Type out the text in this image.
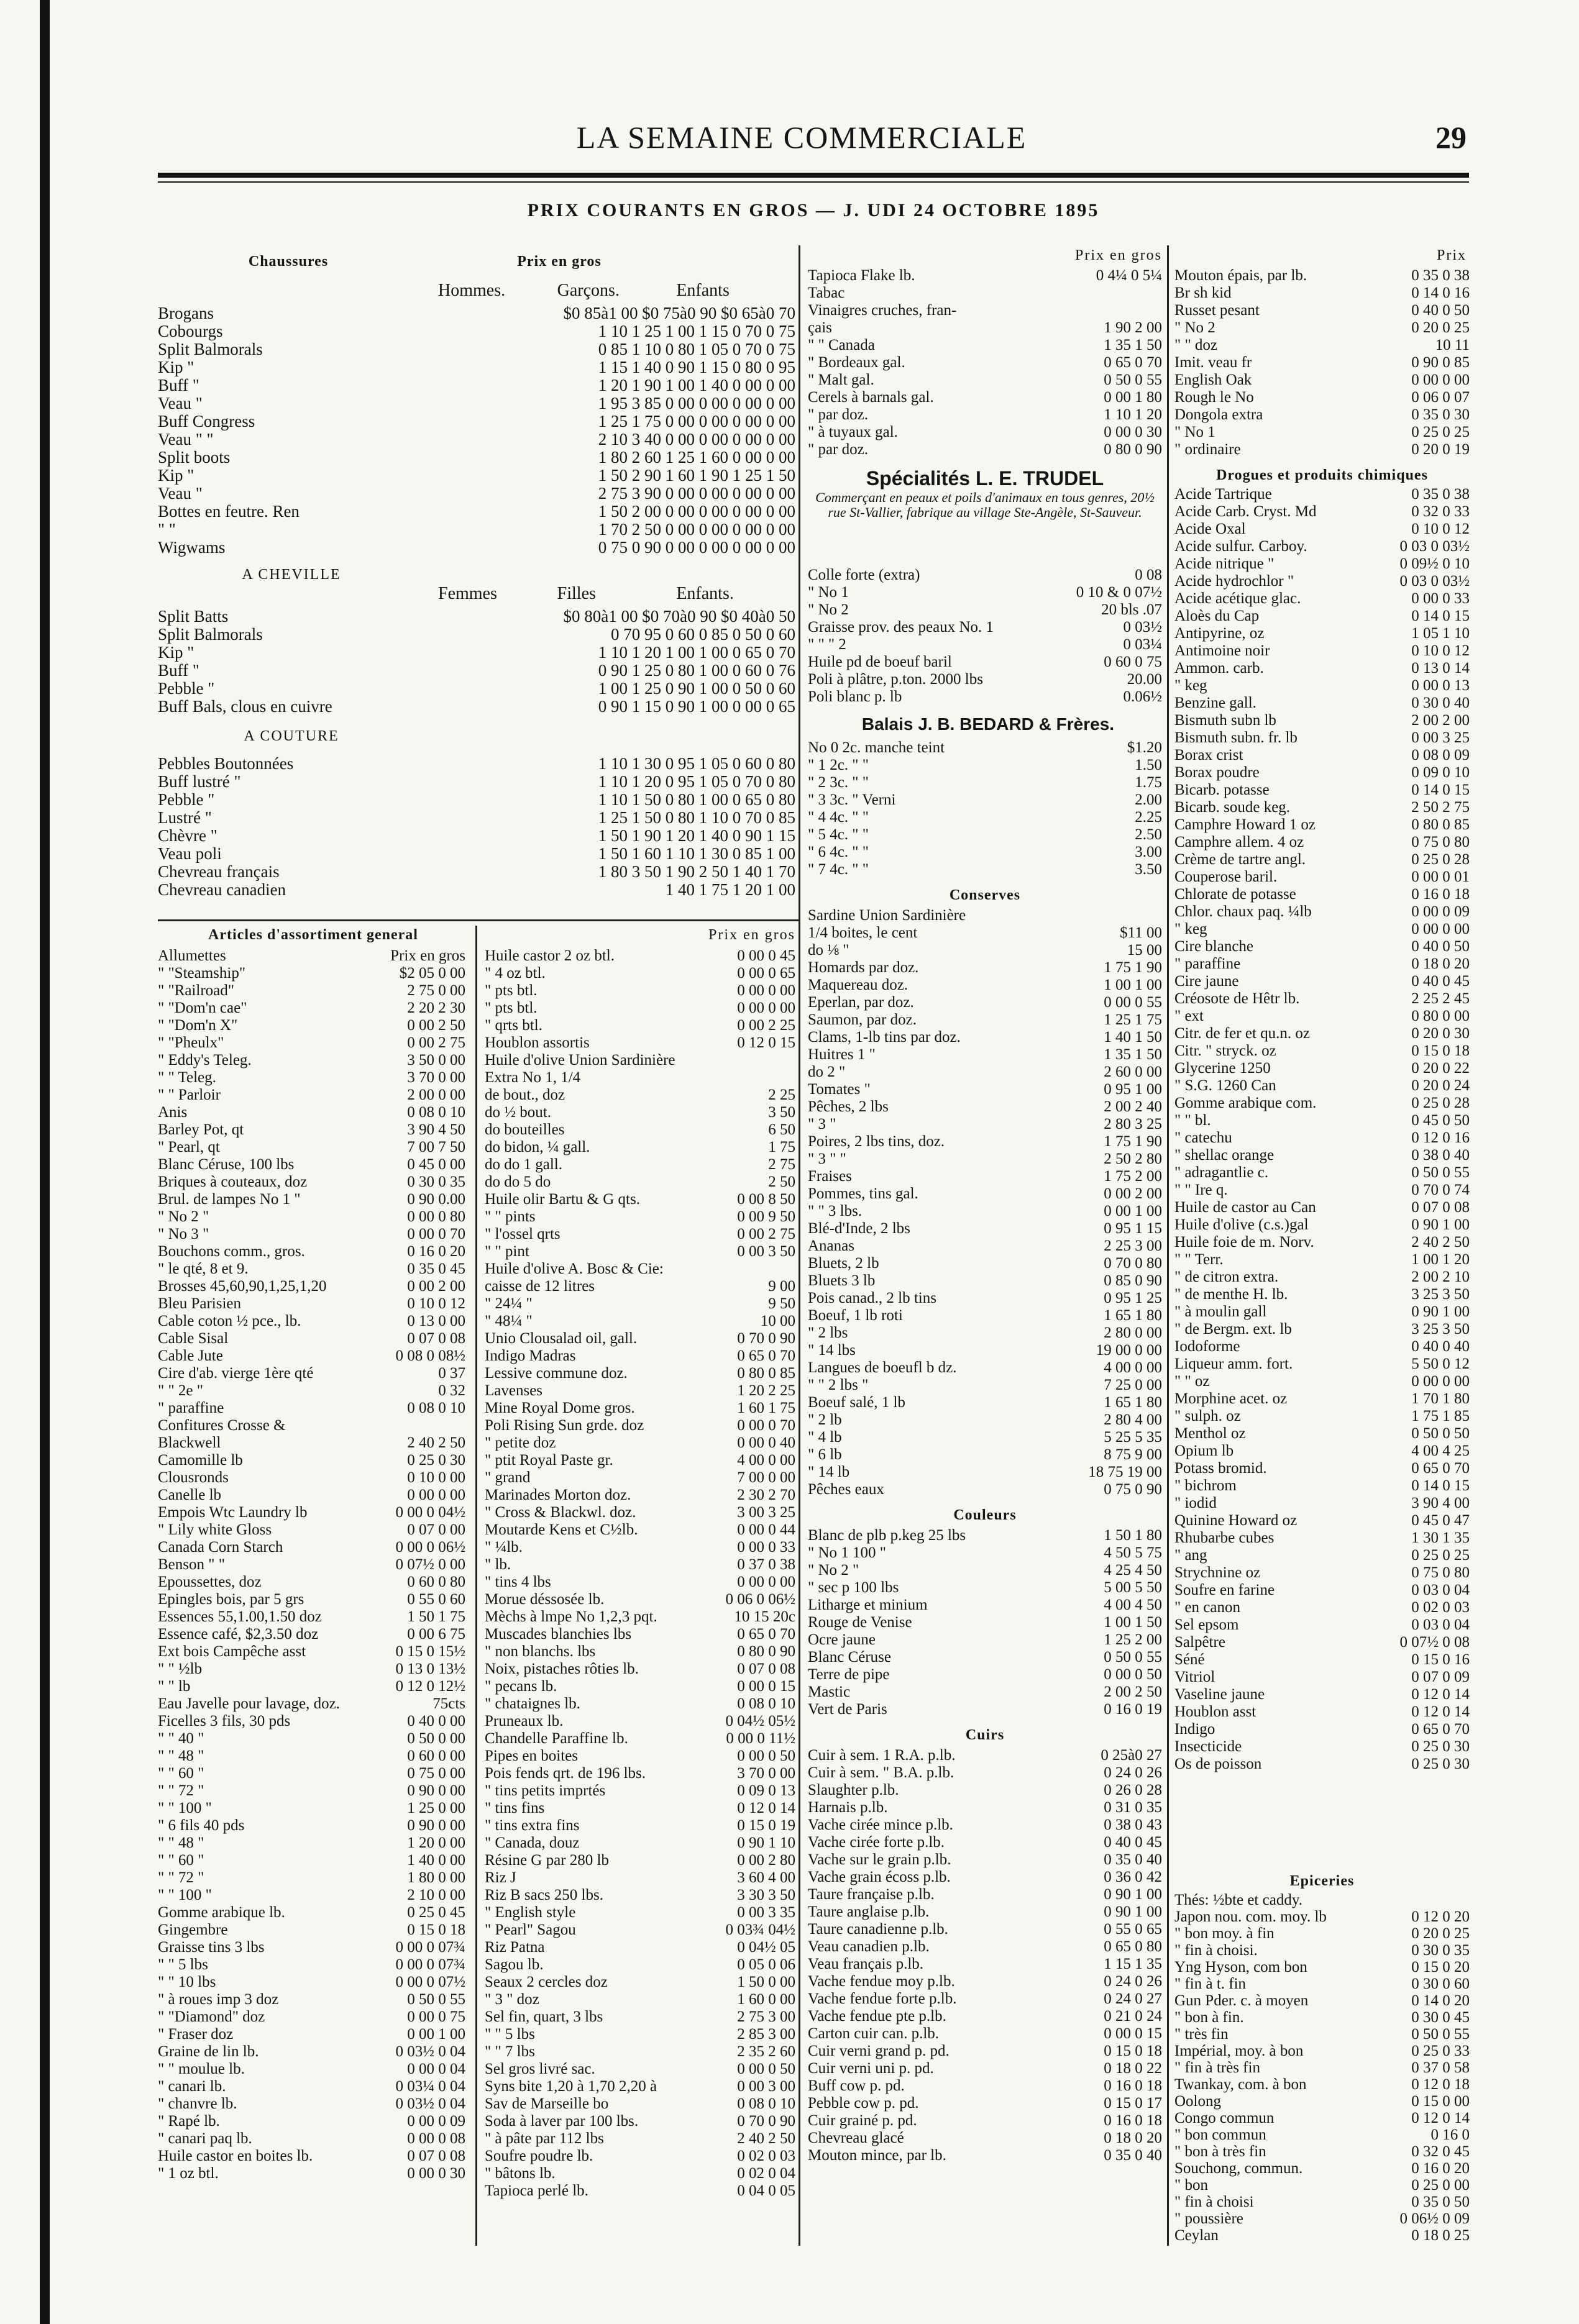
LA SEMAINE COMMERCIALE	29
PRIX COURANTS EN GROS — J. UDI 24 OCTOBRE 1895
Chaussures	Prix en gros
Hommes.	Garçons.	Enfants
Brogans	$0 85à1 00 $0 75à0 90 $0 65à0 70
Cobourgs	1 10 1 25 1 00 1 15 0 70 0 75
Split Balmorals	0 85 1 10 0 80 1 05 0 70 0 75
Kip "	1 15 1 40 0 90 1 15 0 80 0 95
Buff "	1 20 1 90 1 00 1 40 0 00 0 00
Veau "	1 95 3 85 0 00 0 00 0 00 0 00
Buff Congress	1 25 1 75 0 00 0 00 0 00 0 00
Veau " "	2 10 3 40 0 00 0 00 0 00 0 00
Split boots	1 80 2 60 1 25 1 60 0 00 0 00
Kip "	1 50 2 90 1 60 1 90 1 25 1 50
Veau "	2 75 3 90 0 00 0 00 0 00 0 00
Bottes en feutre. Ren	1 50 2 00 0 00 0 00 0 00 0 00
" "	1 70 2 50 0 00 0 00 0 00 0 00
Wigwams	0 75 0 90 0 00 0 00 0 00 0 00
A CHEVILLE
Femmes	Filles	Enfants.
Split Batts	$0 80à1 00 $0 70à0 90 $0 40à0 50
Split Balmorals	0 70 95 0 60 0 85 0 50 0 60
Kip "	1 10 1 20 1 00 1 00 0 65 0 70
Buff "	0 90 1 25 0 80 1 00 0 60 0 76
Pebble "	1 00 1 25 0 90 1 00 0 50 0 60
Buff Bals, clous en cuivre	0 90 1 15 0 90 1 00 0 00 0 65
A COUTURE
Pebbles Boutonnées	1 10 1 30 0 95 1 05 0 60 0 80
Buff lustré "	1 10 1 20 0 95 1 05 0 70 0 80
Pebble "	1 10 1 50 0 80 1 00 0 65 0 80
Lustré "	1 25 1 50 0 80 1 10 0 70 0 85
Chèvre "	1 50 1 90 1 20 1 40 0 90 1 15
Veau poli	1 50 1 60 1 10 1 30 0 85 1 00
Chevreau français	1 80 3 50 1 90 2 50 1 40 1 70
Chevreau canadien	1 40 1 75 1 20 1 00
Articles d'assortiment general
Allumettes	Prix en gros
" "Steamship"	$2 05 0 00
" "Railroad"	2 75 0 00
" "Dom'n cae"	2 20 2 30
" "Dom'n X"	0 00 2 50
" "Pheulx"	0 00 2 75
" Eddy's Teleg.	3 50 0 00
" " Teleg.	3 70 0 00
" " Parloir	2 00 0 00
Anis	0 08 0 10
Barley Pot, qt	3 90 4 50
" Pearl, qt	7 00 7 50
Blanc Céruse, 100 lbs	0 45 0 00
Briques à couteaux, doz	0 30 0 35
Brul. de lampes No 1 "	0 90 0.00
" No 2 "	0 00 0 80
" No 3 "	0 00 0 70
Bouchons comm., gros.	0 16 0 20
" le qté, 8 et 9.	0 35 0 45
Brosses 45,60,90,1,25,1,20	0 00 2 00
Bleu Parisien	0 10 0 12
Cable coton ½ pce., lb.	0 13 0 00
Cable Sisal	0 07 0 08
Cable Jute	0 08 0 08½
Cire d'ab. vierge 1ère qté	0 37
" " 2e "	0 32
" paraffine	0 08 0 10
Confitures Crosse &
Blackwell	2 40 2 50
Camomille lb	0 25 0 30
Clousronds	0 10 0 00
Canelle lb	0 00 0 00
Empois Wtc Laundry lb	0 00 0 04½
" Lily white Gloss	0 07 0 00
Canada Corn Starch	0 00 0 06½
Benson " "	0 07½ 0 00
Epoussettes, doz	0 60 0 80
Epingles bois, par 5 grs	0 55 0 60
Essences 55,1.00,1.50 doz	1 50 1 75
Essence café, $2,3.50 doz	0 00 6 75
Ext bois Campêche asst	0 15 0 15½
" " ½lb	0 13 0 13½
" " lb	0 12 0 12½
Eau Javelle pour lavage, doz.	75cts
Ficelles 3 fils, 30 pds	0 40 0 00
" " 40 "	0 50 0 00
" " 48 "	0 60 0 00
" " 60 "	0 75 0 00
" " 72 "	0 90 0 00
" " 100 "	1 25 0 00
" 6 fils 40 pds	0 90 0 00
" " 48 "	1 20 0 00
" " 60 "	1 40 0 00
" " 72 "	1 80 0 00
" " 100 "	2 10 0 00
Gomme arabique lb.	0 25 0 45
Gingembre	0 15 0 18
Graisse tins 3 lbs	0 00 0 07¾
" " 5 lbs	0 00 0 07¾
" " 10 lbs	0 00 0 07½
" à roues imp 3 doz	0 50 0 55
" "Diamond" doz	0 00 0 75
" Fraser doz	0 00 1 00
Graine de lin lb.	0 03½ 0 04
" " moulue lb.	0 00 0 04
" canari lb.	0 03¼ 0 04
" chanvre lb.	0 03½ 0 04
" Rapé lb.	0 00 0 09
" canari paq lb.	0 00 0 08
Huile castor en boites lb.	0 07 0 08
" 1 oz btl.	0 00 0 30
Prix en gros
Huile castor 2 oz btl.	0 00 0 45
" 4 oz btl.	0 00 0 65
" pts btl.	0 00 0 00
" pts btl.	0 00 0 00
" qrts btl.	0 00 2 25
Houblon assortis	0 12 0 15
Huile d'olive Union Sardinière
Extra No 1, 1/4
de bout., doz	2 25
do ½ bout.	3 50
do bouteilles	6 50
do bidon, ¼ gall.	1 75
do do 1 gall.	2 75
do do 5 do	2 50
Huile olir Bartu & G qts.	0 00 8 50
" " pints	0 00 9 50
" l'ossel qrts	0 00 2 75
" " pint	0 00 3 50
Huile d'olive A. Bosc & Cie:
caisse de 12 litres	9 00
" 24¼ "	9 50
" 48¼ "	10 00
Unio Clousalad oil, gall.	0 70 0 90
Indigo Madras	0 65 0 70
Lessive commune doz.	0 80 0 85
Lavenses	1 20 2 25
Mine Royal Dome gros.	1 60 1 75
Poli Rising Sun grde. doz	0 00 0 70
" petite doz	0 00 0 40
" ptit Royal Paste gr.	4 00 0 00
" grand	7 00 0 00
Marinades Morton doz.	2 30 2 70
" Cross & Blackwl. doz.	3 00 3 25
Moutarde Kens et C½lb.	0 00 0 44
" ¼lb.	0 00 0 33
" lb.	0 37 0 38
" tins 4 lbs	0 00 0 00
Morue déssosée lb.	0 06 0 06½
Mèchs à lmpe No 1,2,3 pqt.	10 15 20c
Muscades blanchies lbs	0 65 0 70
" non blanchs. lbs	0 80 0 90
Noix, pistaches rôties lb.	0 07 0 08
" pecans lb.	0 00 0 15
" chataignes lb.	0 08 0 10
Pruneaux lb.	0 04½ 05½
Chandelle Paraffine lb.	0 00 0 11½
Pipes en boites	0 00 0 50
Pois fends qrt. de 196 lbs.	3 70 0 00
" tins petits imprtés	0 09 0 13
" tins fins	0 12 0 14
" tins extra fins	0 15 0 19
" Canada, douz	0 90 1 10
Résine G par 280 lb	0 00 2 80
Riz J	3 60 4 00
Riz B sacs 250 lbs.	3 30 3 50
" English style	0 00 3 35
" Pearl" Sagou	0 03¾ 04½
Riz Patna	0 04½ 05
Sagou lb.	0 05 0 06
Seaux 2 cercles doz	1 50 0 00
" 3 " doz	1 60 0 00
Sel fin, quart, 3 lbs	2 75 3 00
" " 5 lbs	2 85 3 00
" " 7 lbs	2 35 2 60
Sel gros livré sac.	0 00 0 50
Syns bite 1,20 à 1,70 2,20 à	0 00 3 00
Sav de Marseille bo	0 08 0 10
Soda à laver par 100 lbs.	0 70 0 90
" à pâte par 112 lbs	2 40 2 50
Soufre poudre lb.	0 02 0 03
" bâtons lb.	0 02 0 04
Tapioca perlé lb.	0 04 0 05
Prix en gros
Tapioca Flake lb.	0 4¼ 0 5¼
Tabac
Vinaigres cruches, fran-
çais	1 90 2 00
" " Canada	1 35 1 50
" Bordeaux gal.	0 65 0 70
" Malt gal.	0 50 0 55
Cerels à barnals gal.	0 00 1 80
" par doz.	1 10 1 20
" à tuyaux gal.	0 00 0 30
" par doz.	0 80 0 90
Spécialités L. E. TRUDEL
Commerçant en peaux et poils d'animaux en tous genres, 20½ rue St-Vallier, fabrique au village Ste-Angèle, St-Sauveur.
Colle forte (extra)	0 08
" No 1	0 10 & 0 07½
" No 2	20 bls .07
Graisse prov. des peaux No. 1	0 03½
" " " 2	0 03¼
Huile pd de boeuf baril	0 60 0 75
Poli à plâtre, p.ton. 2000 lbs	20.00
Poli blanc p. lb	0.06½
Balais J. B. BEDARD & Frères.
No 0 2c. manche teint	$1.20
" 1 2c. " "	1.50
" 2 3c. " "	1.75
" 3 3c. " Verni	2.00
" 4 4c. " "	2.25
" 5 4c. " "	2.50
" 6 4c. " "	3.00
" 7 4c. " "	3.50
Conserves
Sardine Union Sardinière
1/4 boites, le cent	$11 00
do ⅛ "	15 00
Homards par doz.	1 75 1 90
Maquereau doz.	1 00 1 00
Eperlan, par doz.	0 00 0 55
Saumon, par doz.	1 25 1 75
Clams, 1-lb tins par doz.	1 40 1 50
Huitres 1 "	1 35 1 50
do 2 "	2 60 0 00
Tomates "	0 95 1 00
Pêches, 2 lbs	2 00 2 40
" 3 "	2 80 3 25
Poires, 2 lbs tins, doz.	1 75 1 90
" 3 " "	2 50 2 80
Fraises	1 75 2 00
Pommes, tins gal.	0 00 2 00
" " 3 lbs.	0 00 1 00
Blé-d'Inde, 2 lbs	0 95 1 15
Ananas	2 25 3 00
Bluets, 2 lb	0 70 0 80
Bluets 3 lb	0 85 0 90
Pois canad., 2 lb tins	0 95 1 25
Boeuf, 1 lb roti	1 65 1 80
" 2 lbs	2 80 0 00
" 14 lbs	19 00 0 00
Langues de boeufl b dz.	4 00 0 00
" " 2 lbs "	7 25 0 00
Boeuf salé, 1 lb	1 65 1 80
" 2 lb	2 80 4 00
" 4 lb	5 25 5 35
" 6 lb	8 75 9 00
" 14 lb	18 75 19 00
Pêches eaux	0 75 0 90
Couleurs
Blanc de plb p.keg 25 lbs	1 50 1 80
" No 1 100 "	4 50 5 75
" No 2 "	4 25 4 50
" sec p 100 lbs	5 00 5 50
Litharge et minium	4 00 4 50
Rouge de Venise	1 00 1 50
Ocre jaune	1 25 2 00
Blanc Céruse	0 50 0 55
Terre de pipe	0 00 0 50
Mastic	2 00 2 50
Vert de Paris	0 16 0 19
Cuirs
Cuir à sem. 1 R.A. p.lb.	0 25à0 27
Cuir à sem. " B.A. p.lb.	0 24 0 26
Slaughter p.lb.	0 26 0 28
Harnais p.lb.	0 31 0 35
Vache cirée mince p.lb.	0 38 0 43
Vache cirée forte p.lb.	0 40 0 45
Vache sur le grain p.lb.	0 35 0 40
Vache grain écoss p.lb.	0 36 0 42
Taure française p.lb.	0 90 1 00
Taure anglaise p.lb.	0 90 1 00
Taure canadienne p.lb.	0 55 0 65
Veau canadien p.lb.	0 65 0 80
Veau français p.lb.	1 15 1 35
Vache fendue moy p.lb.	0 24 0 26
Vache fendue forte p.lb.	0 24 0 27
Vache fendue pte p.lb.	0 21 0 24
Carton cuir can. p.lb.	0 00 0 15
Cuir verni grand p. pd.	0 15 0 18
Cuir verni uni p. pd.	0 18 0 22
Buff cow p. pd.	0 16 0 18
Pebble cow p. pd.	0 15 0 17
Cuir grainé p. pd.	0 16 0 18
Chevreau glacé	0 18 0 20
Mouton mince, par lb.	0 35 0 40
Prix
Mouton épais, par lb.	0 35 0 38
Br sh kid	0 14 0 16
Russet pesant	0 40 0 50
" No 2	0 20 0 25
" " doz	10 11
Imit. veau fr	0 90 0 85
English Oak	0 00 0 00
Rough le No	0 06 0 07
Dongola extra	0 35 0 30
" No 1	0 25 0 25
" ordinaire	0 20 0 19
Drogues et produits chimiques
Acide Tartrique	0 35 0 38
Acide Carb. Cryst. Md	0 32 0 33
Acide Oxal	0 10 0 12
Acide sulfur. Carboy.	0 03 0 03½
Acide nitrique "	0 09½ 0 10
Acide hydrochlor "	0 03 0 03½
Acide acétique glac.	0 00 0 33
Aloès du Cap	0 14 0 15
Antipyrine, oz	1 05 1 10
Antimoine noir	0 10 0 12
Ammon. carb.	0 13 0 14
" keg	0 00 0 13
Benzine gall.	0 30 0 40
Bismuth subn lb	2 00 2 00
Bismuth subn. fr. lb	0 00 3 25
Borax crist	0 08 0 09
Borax poudre	0 09 0 10
Bicarb. potasse	0 14 0 15
Bicarb. soude keg.	2 50 2 75
Camphre Howard 1 oz	0 80 0 85
Camphre allem. 4 oz	0 75 0 80
Crème de tartre angl.	0 25 0 28
Couperose baril.	0 00 0 01
Chlorate de potasse	0 16 0 18
Chlor. chaux paq. ¼lb	0 00 0 09
" keg	0 00 0 00
Cire blanche	0 40 0 50
" paraffine	0 18 0 20
Cire jaune	0 40 0 45
Créosote de Hêtr lb.	2 25 2 45
" ext	0 80 0 00
Citr. de fer et qu.n. oz	0 20 0 30
Citr. " stryck. oz	0 15 0 18
Glycerine 1250	0 20 0 22
" S.G. 1260 Can	0 20 0 24
Gomme arabique com.	0 25 0 28
" " bl.	0 45 0 50
" catechu	0 12 0 16
" shellac orange	0 38 0 40
" adragantlie c.	0 50 0 55
" " Ire q.	0 70 0 74
Huile de castor au Can	0 07 0 08
Huile d'olive (c.s.)gal	0 90 1 00
Huile foie de m. Norv.	2 40 2 50
" " Terr.	1 00 1 20
" de citron extra.	2 00 2 10
" de menthe H. lb.	3 25 3 50
" à moulin gall	0 90 1 00
" de Bergm. ext. lb	3 25 3 50
Iodoforme	0 40 0 40
Liqueur amm. fort.	5 50 0 12
" " oz	0 00 0 00
Morphine acet. oz	1 70 1 80
" sulph. oz	1 75 1 85
Menthol oz	0 50 0 50
Opium lb	4 00 4 25
Potass bromid.	0 65 0 70
" bichrom	0 14 0 15
" iodid	3 90 4 00
Quinine Howard oz	0 45 0 47
Rhubarbe cubes	1 30 1 35
" ang	0 25 0 25
Strychnine oz	0 75 0 80
Soufre en farine	0 03 0 04
" en canon	0 02 0 03
Sel epsom	0 03 0 04
Salpêtre	0 07½ 0 08
Séné	0 15 0 16
Vitriol	0 07 0 09
Vaseline jaune	0 12 0 14
Houblon asst	0 12 0 14
Indigo	0 65 0 70
Insecticide	0 25 0 30
Os de poisson	0 25 0 30
Epiceries
Thés: ½bte et caddy.
Japon nou. com. moy. lb	0 12 0 20
" bon moy. à fin	0 20 0 25
" fin à choisi.	0 30 0 35
Yng Hyson, com bon	0 15 0 20
" fin à t. fin	0 30 0 60
Gun Pder. c. à moyen	0 14 0 20
" bon à fin.	0 30 0 45
" très fin	0 50 0 55
Impérial, moy. à bon	0 25 0 33
" fin à très fin	0 37 0 58
Twankay, com. à bon	0 12 0 18
Oolong	0 15 0 00
Congo commun	0 12 0 14
" bon commun	0 16 0
" bon à très fin	0 32 0 45
Souchong, commun.	0 16 0 20
" bon	0 25 0 00
" fin à choisi	0 35 0 50
" poussière	0 06½ 0 09
Ceylan	0 18 0 25
